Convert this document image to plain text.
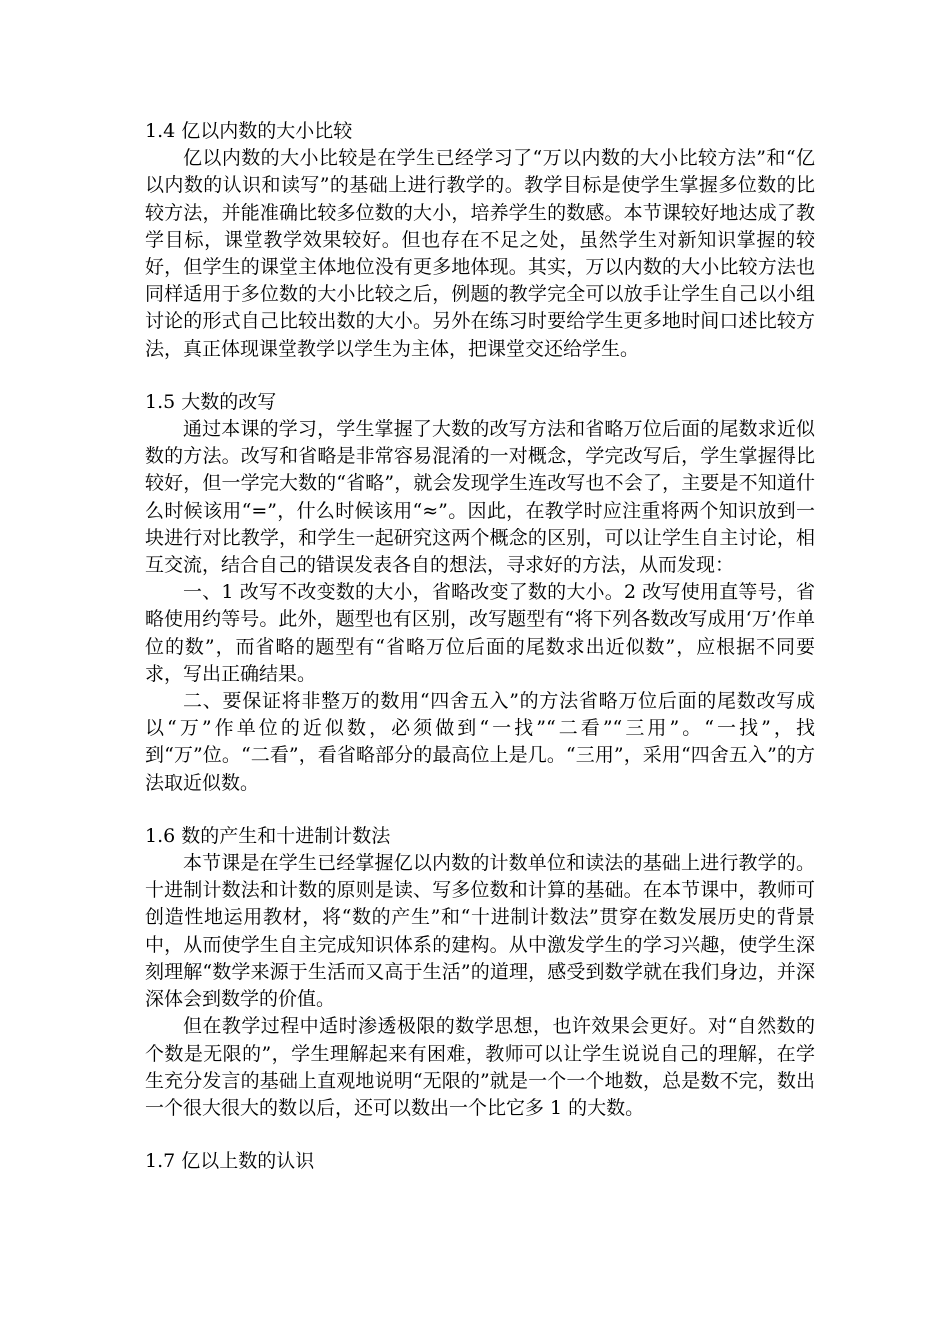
1.4 亿以内数的大小比较

亿以内数的大小比较是在学生已经学习了“万以内数的大小比较方法”和“亿以内数的认识和读写”的基础上进行教学的。教学目标是使学生掌握多位数的比较方法，并能准确比较多位数的大小，培养学生的数感。本节课较好地达成了教学目标，课堂教学效果较好。但也存在不足之处，虽然学生对新知识掌握的较好，但学生的课堂主体地位没有更多地体现。其实，万以内数的大小比较方法也同样适用于多位数的大小比较之后，例题的教学完全可以放手让学生自己以小组讨论的形式自己比较出数的大小。另外在练习时要给学生更多地时间口述比较方法，真正体现课堂教学以学生为主体，把课堂交还给学生。

1.5 大数的改写

通过本课的学习，学生掌握了大数的改写方法和省略万位后面的尾数求近似数的方法。改写和省略是非常容易混淆的一对概念，学完改写后，学生掌握得比较好，但一学完大数的“省略”，就会发现学生连改写也不会了，主要是不知道什么时候该用“=”，什么时候该用“≈”。因此，在教学时应注重将两个知识放到一块进行对比教学，和学生一起研究这两个概念的区别，可以让学生自主讨论，相互交流，结合自己的错误发表各自的想法，寻求好的方法，从而发现：

一、1 改写不改变数的大小，省略改变了数的大小。2 改写使用直等号，省略使用约等号。此外，题型也有区别，改写题型有“将下列各数改写成用‘万’作单位的数”，而省略的题型有“省略万位后面的尾数求出近似数”，应根据不同要求，写出正确结果。

二、要保证将非整万的数用“四舍五入”的方法省略万位后面的尾数改写成以“万”作单位的近似数，必须做到“一找”“二看”“三用”。“一找”，找到“万”位。“二看”，看省略部分的最高位上是几。“三用”，采用“四舍五入”的方法取近似数。

1.6 数的产生和十进制计数法

本节课是在学生已经掌握亿以内数的计数单位和读法的基础上进行教学的。十进制计数法和计数的原则是读、写多位数和计算的基础。在本节课中，教师可创造性地运用教材，将“数的产生”和“十进制计数法”贯穿在数发展历史的背景中，从而使学生自主完成知识体系的建构。从中激发学生的学习兴趣，使学生深刻理解“数学来源于生活而又高于生活”的道理，感受到数学就在我们身边，并深深体会到数学的价值。

但在教学过程中适时渗透极限的数学思想，也许效果会更好。对“自然数的个数是无限的”，学生理解起来有困难，教师可以让学生说说自己的理解，在学生充分发言的基础上直观地说明“无限的”就是一个一个地数，总是数不完，数出一个很大很大的数以后，还可以数出一个比它多 1 的大数。

1.7 亿以上数的认识
